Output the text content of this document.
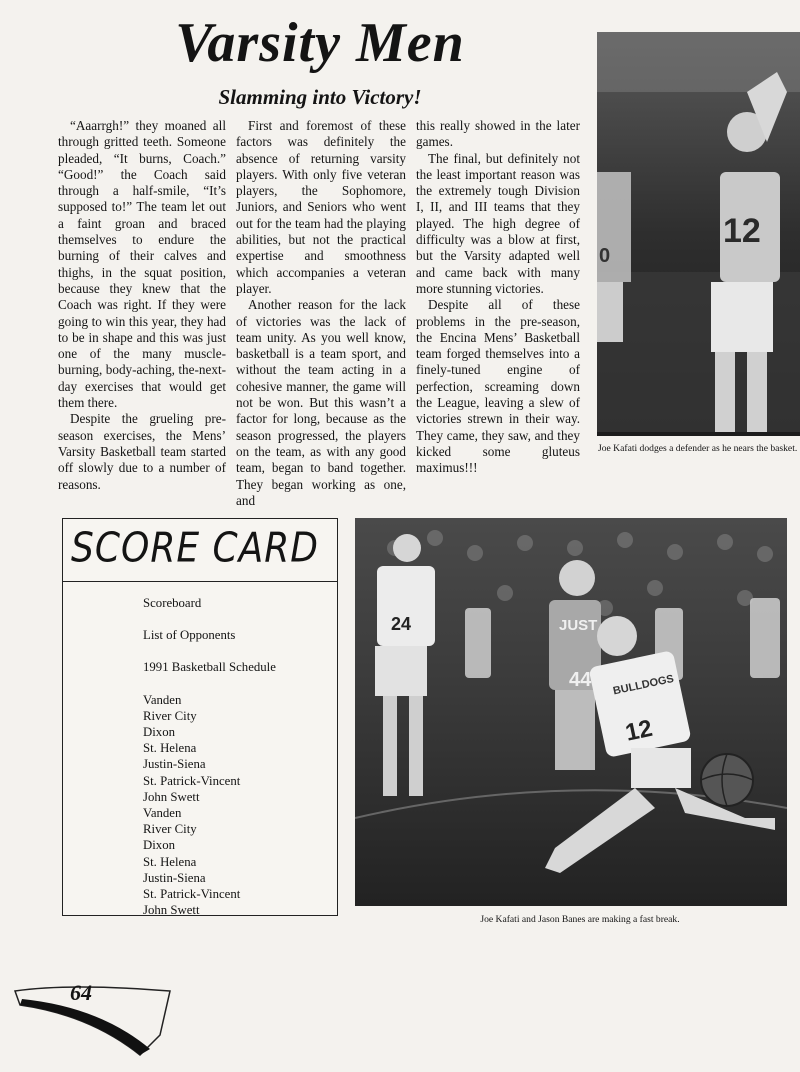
Varsity Men
Slamming into Victory!

“Aaarrgh!” they moaned all through gritted teeth. Someone pleaded, “It burns, Coach.” “Good!” the Coach said through a half-smile, “It’s supposed to!” The team let out a faint groan and braced themselves to endure the burning of their calves and thighs, in the squat position, because they knew that the Coach was right. If they were going to win this year, they had to be in shape and this was just one of the many muscle-burning, body-aching, the-next-day exercises that would get them there.

Despite the grueling pre-season exercises, the Mens’ Varsity Basketball team started off slowly due to a number of reasons.

First and foremost of these factors was definitely the absence of returning varsity players. With only five veteran players, the Sophomore, Juniors, and Seniors who went out for the team had the playing abilities, but not the practical expertise and smoothness which accompanies a veteran player.

Another reason for the lack of victories was the lack of team unity. As you well know, basketball is a team sport, and without the team acting in a cohesive manner, the game will not be won. But this wasn’t a factor for long, because as the season progressed, the players on the team, as with any good team, began to band together. They began working as one, and

this really showed in the later games.

The final, but definitely not the least important reason was the extremely tough Division I, II, and III teams that they played. The high degree of difficulty was a blow at first, but the Varsity adapted well and came back with many more stunning victories.

Despite all of these problems in the pre-season, the Encina Mens’ Basketball team forged themselves into a finely-tuned engine of perfection, screaming down the League, leaving a slew of victories strewn in their way. They came, they saw, and they kicked some gluteus maximus!!!

0
12
Joe Kafati dodges a defender as he nears the basket.
SCORE CARD
Scoreboard
List of Opponents
1991 Basketball Schedule
Vanden
River City
Dixon
St. Helena
Justin-Siena
St. Patrick-Vincent
John Swett
Vanden
River City
Dixon
St. Helena
Justin-Siena
St. Patrick-Vincent
John Swett
24	JUST
44 BULLDOGS
12
Joe Kafati and Jason Banes are making a fast break.
64
